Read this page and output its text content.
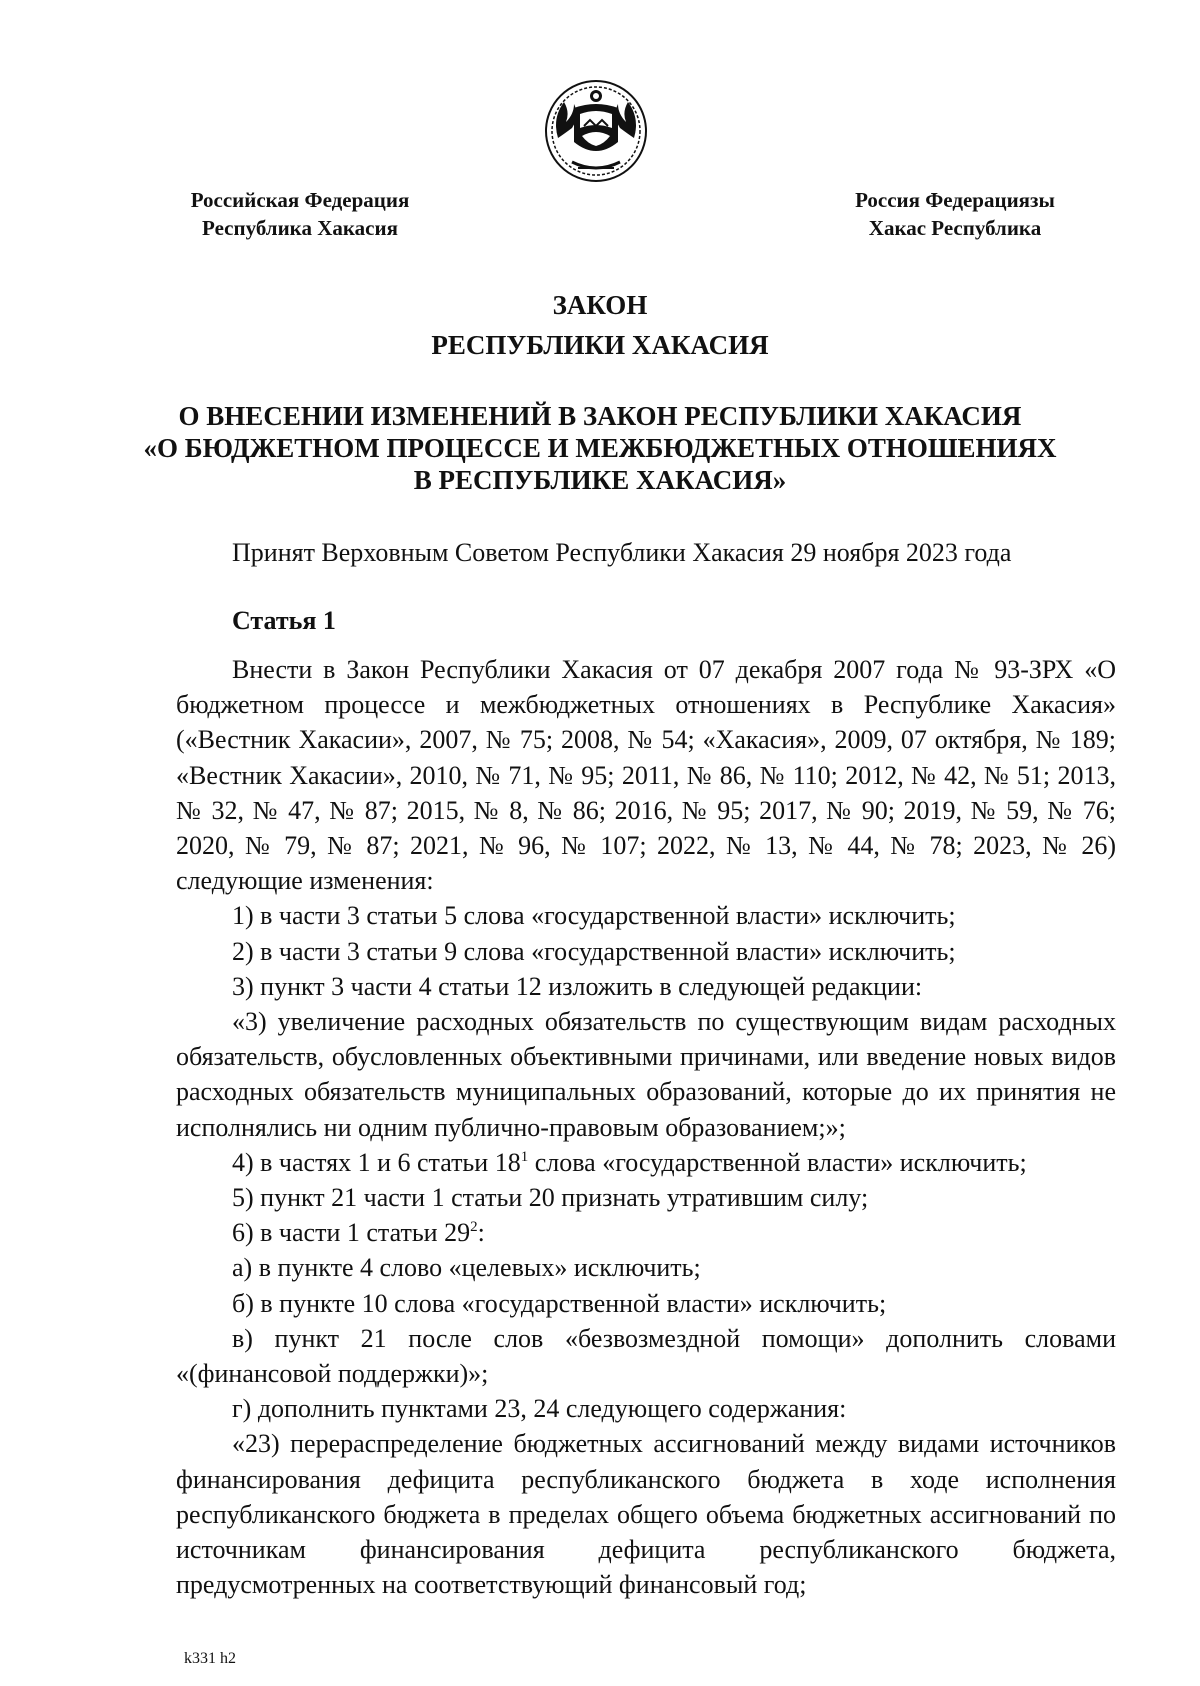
Российская Федерация
Республика Хакасия
Россия Федерациязы
Хакас Республика
ЗАКОН
РЕСПУБЛИКИ ХАКАСИЯ
О ВНЕСЕНИИ ИЗМЕНЕНИЙ В ЗАКОН РЕСПУБЛИКИ ХАКАСИЯ
«О БЮДЖЕТНОМ ПРОЦЕССЕ И МЕЖБЮДЖЕТНЫХ ОТНОШЕНИЯХ
В РЕСПУБЛИКЕ ХАКАСИЯ»
Принят Верховным Советом Республики Хакасия 29 ноября 2023 года
Статья 1

Внести в Закон Республики Хакасия от 07 декабря 2007 года № 93-ЗРХ «О бюджетном процессе и межбюджетных отношениях в Республике Хакасия» («Вестник Хакасии», 2007, № 75; 2008, № 54; «Хакасия», 2009, 07 октября, № 189; «Вестник Хакасии», 2010, № 71, № 95; 2011, № 86, № 110; 2012, № 42, № 51; 2013, № 32, № 47, № 87; 2015, № 8, № 86; 2016, № 95; 2017, № 90; 2019, № 59, № 76; 2020, № 79, № 87; 2021, № 96, № 107; 2022, № 13, № 44, № 78; 2023, № 26) следующие изменения:

1) в части 3 статьи 5 слова «государственной власти» исключить;

2) в части 3 статьи 9 слова «государственной власти» исключить;

3) пункт 3 части 4 статьи 12 изложить в следующей редакции:

«3) увеличение расходных обязательств по существующим видам расходных обязательств, обусловленных объективными причинами, или введение новых видов расходных обязательств муниципальных образований, которые до их принятия не исполнялись ни одним публично-правовым образованием;»;

4) в частях 1 и 6 статьи $18^1$ слова «государственной власти» исключить;

5) пункт 21 части 1 статьи 20 признать утратившим силу;

6) в части 1 статьи $29^2$:

а) в пункте 4 слово «целевых» исключить;

б) в пункте 10 слова «государственной власти» исключить;

в) пункт 21 после слов «безвозмездной помощи» дополнить словами «(финансовой поддержки)»;

г) дополнить пунктами 23, 24 следующего содержания:

«23) перераспределение бюджетных ассигнований между видами источников финансирования дефицита республиканского бюджета в ходе исполнения республиканского бюджета в пределах общего объема бюджетных ассигнований по источникам финансирования дефицита республиканского бюджета, предусмотренных на соответствующий финансовый год;

k331 h2
